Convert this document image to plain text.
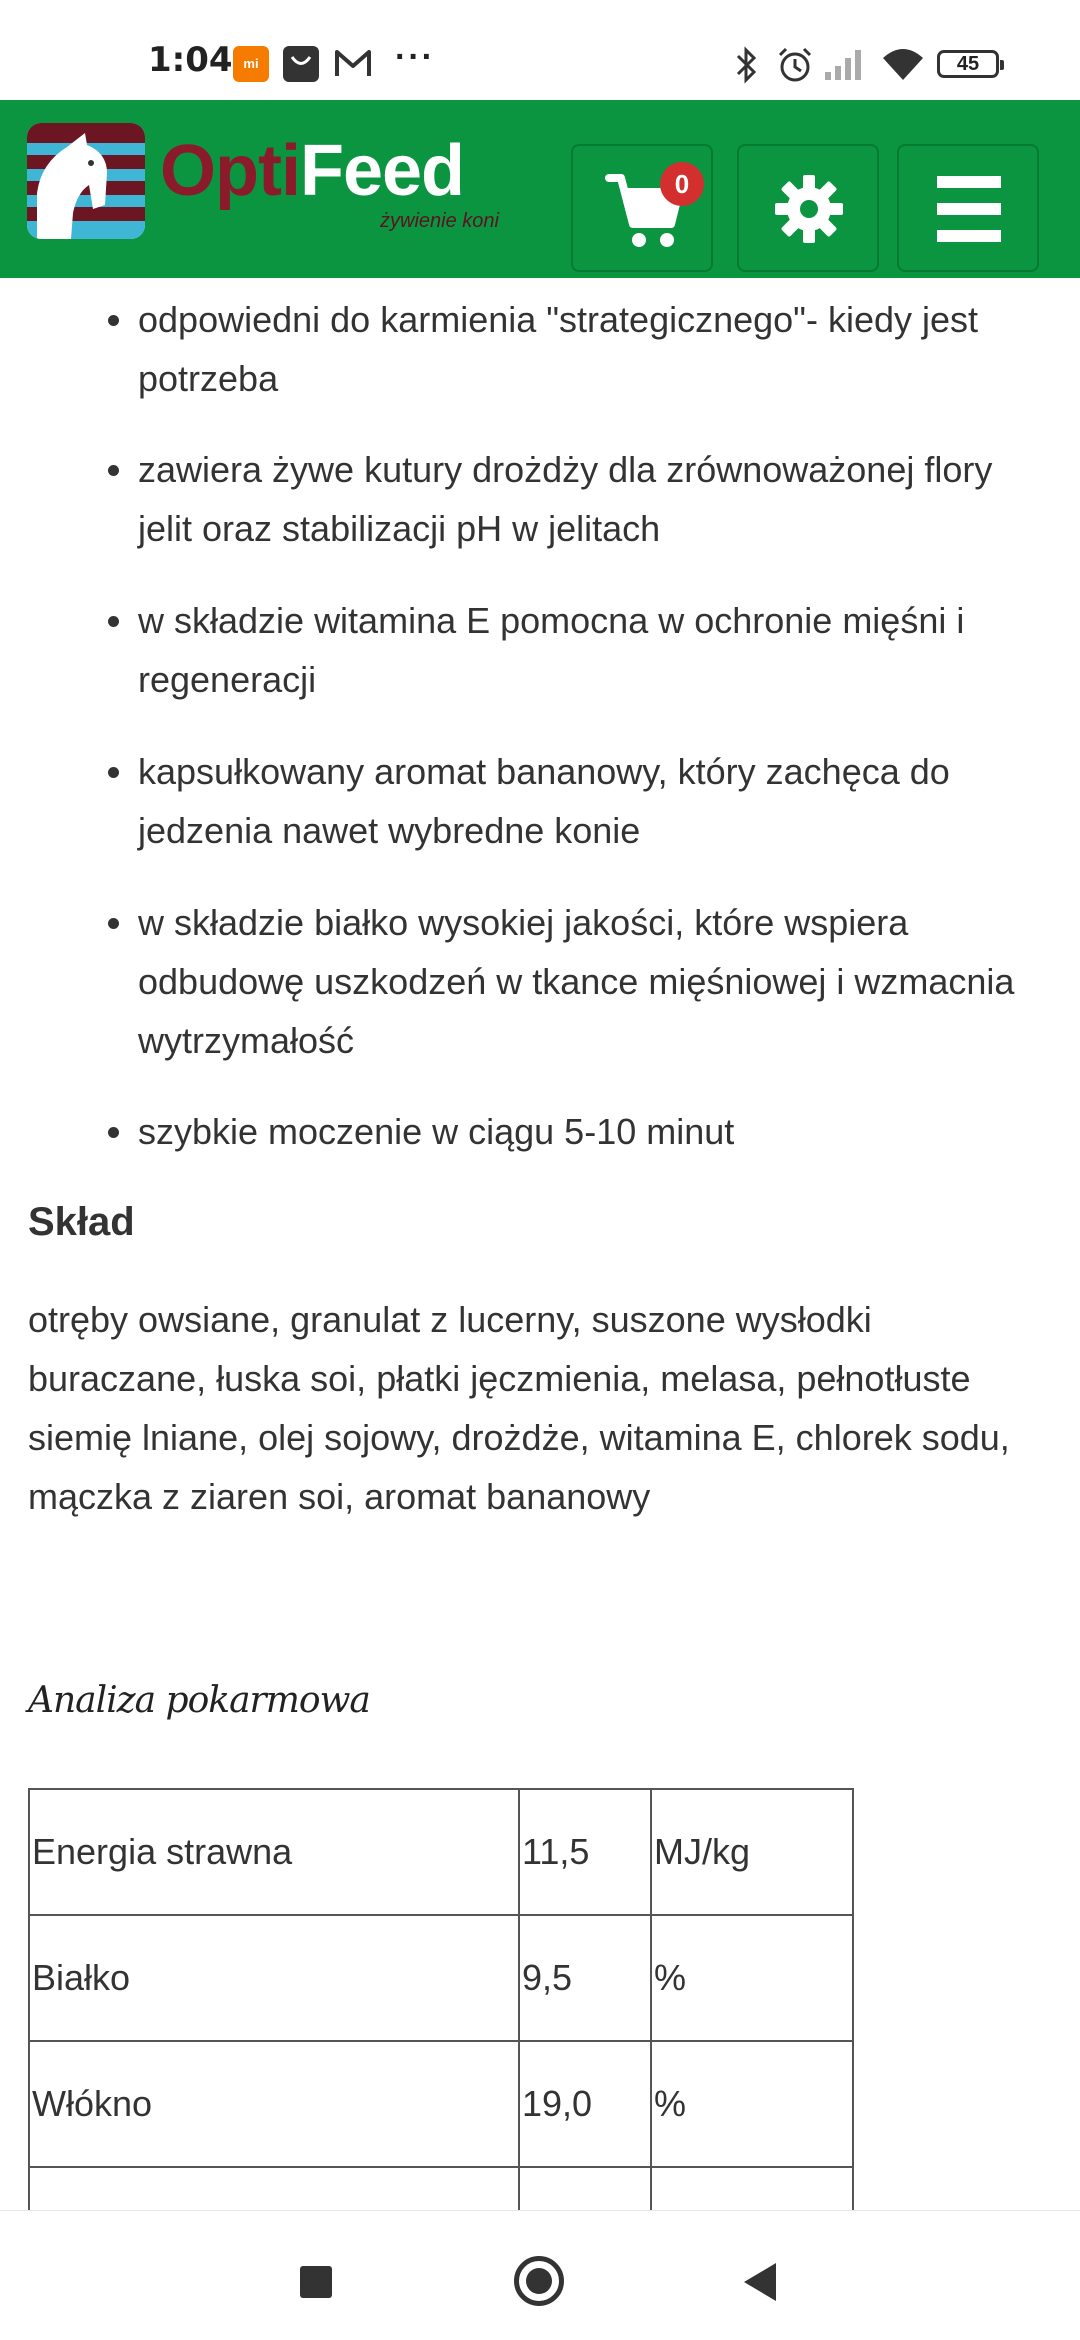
1:04 mi	···	45
OptiFeed
żywienie koni
0
odpowiedni do karmienia "strategicznego"- kiedy jest potrzeba
zawiera żywe kutury drożdży dla zrównoważonej flory jelit oraz stabilizacji pH w jelitach
w składzie witamina E pomocna w ochronie mięśni i regeneracji
kapsułkowany aromat bananowy, który zachęca do jedzenia nawet wybredne konie
w składzie białko wysokiej jakości, które wspiera odbudowę uszkodzeń w tkance mięśniowej i wzmacnia wytrzymałość
szybkie moczenie w ciągu 5-10 minut
Skład
otręby owsiane, granulat z lucerny, suszone wysłodki buraczane, łuska soi, płatki jęczmienia, melasa, pełnotłuste siemię lniane, olej sojowy, drożdże, witamina E, chlorek sodu, mączka z ziaren soi, aromat bananowy
Analiza pokarmowa
Energia strawna	11,5	MJ/kg
Białko	9,5	%
Włókno	19,0	%
